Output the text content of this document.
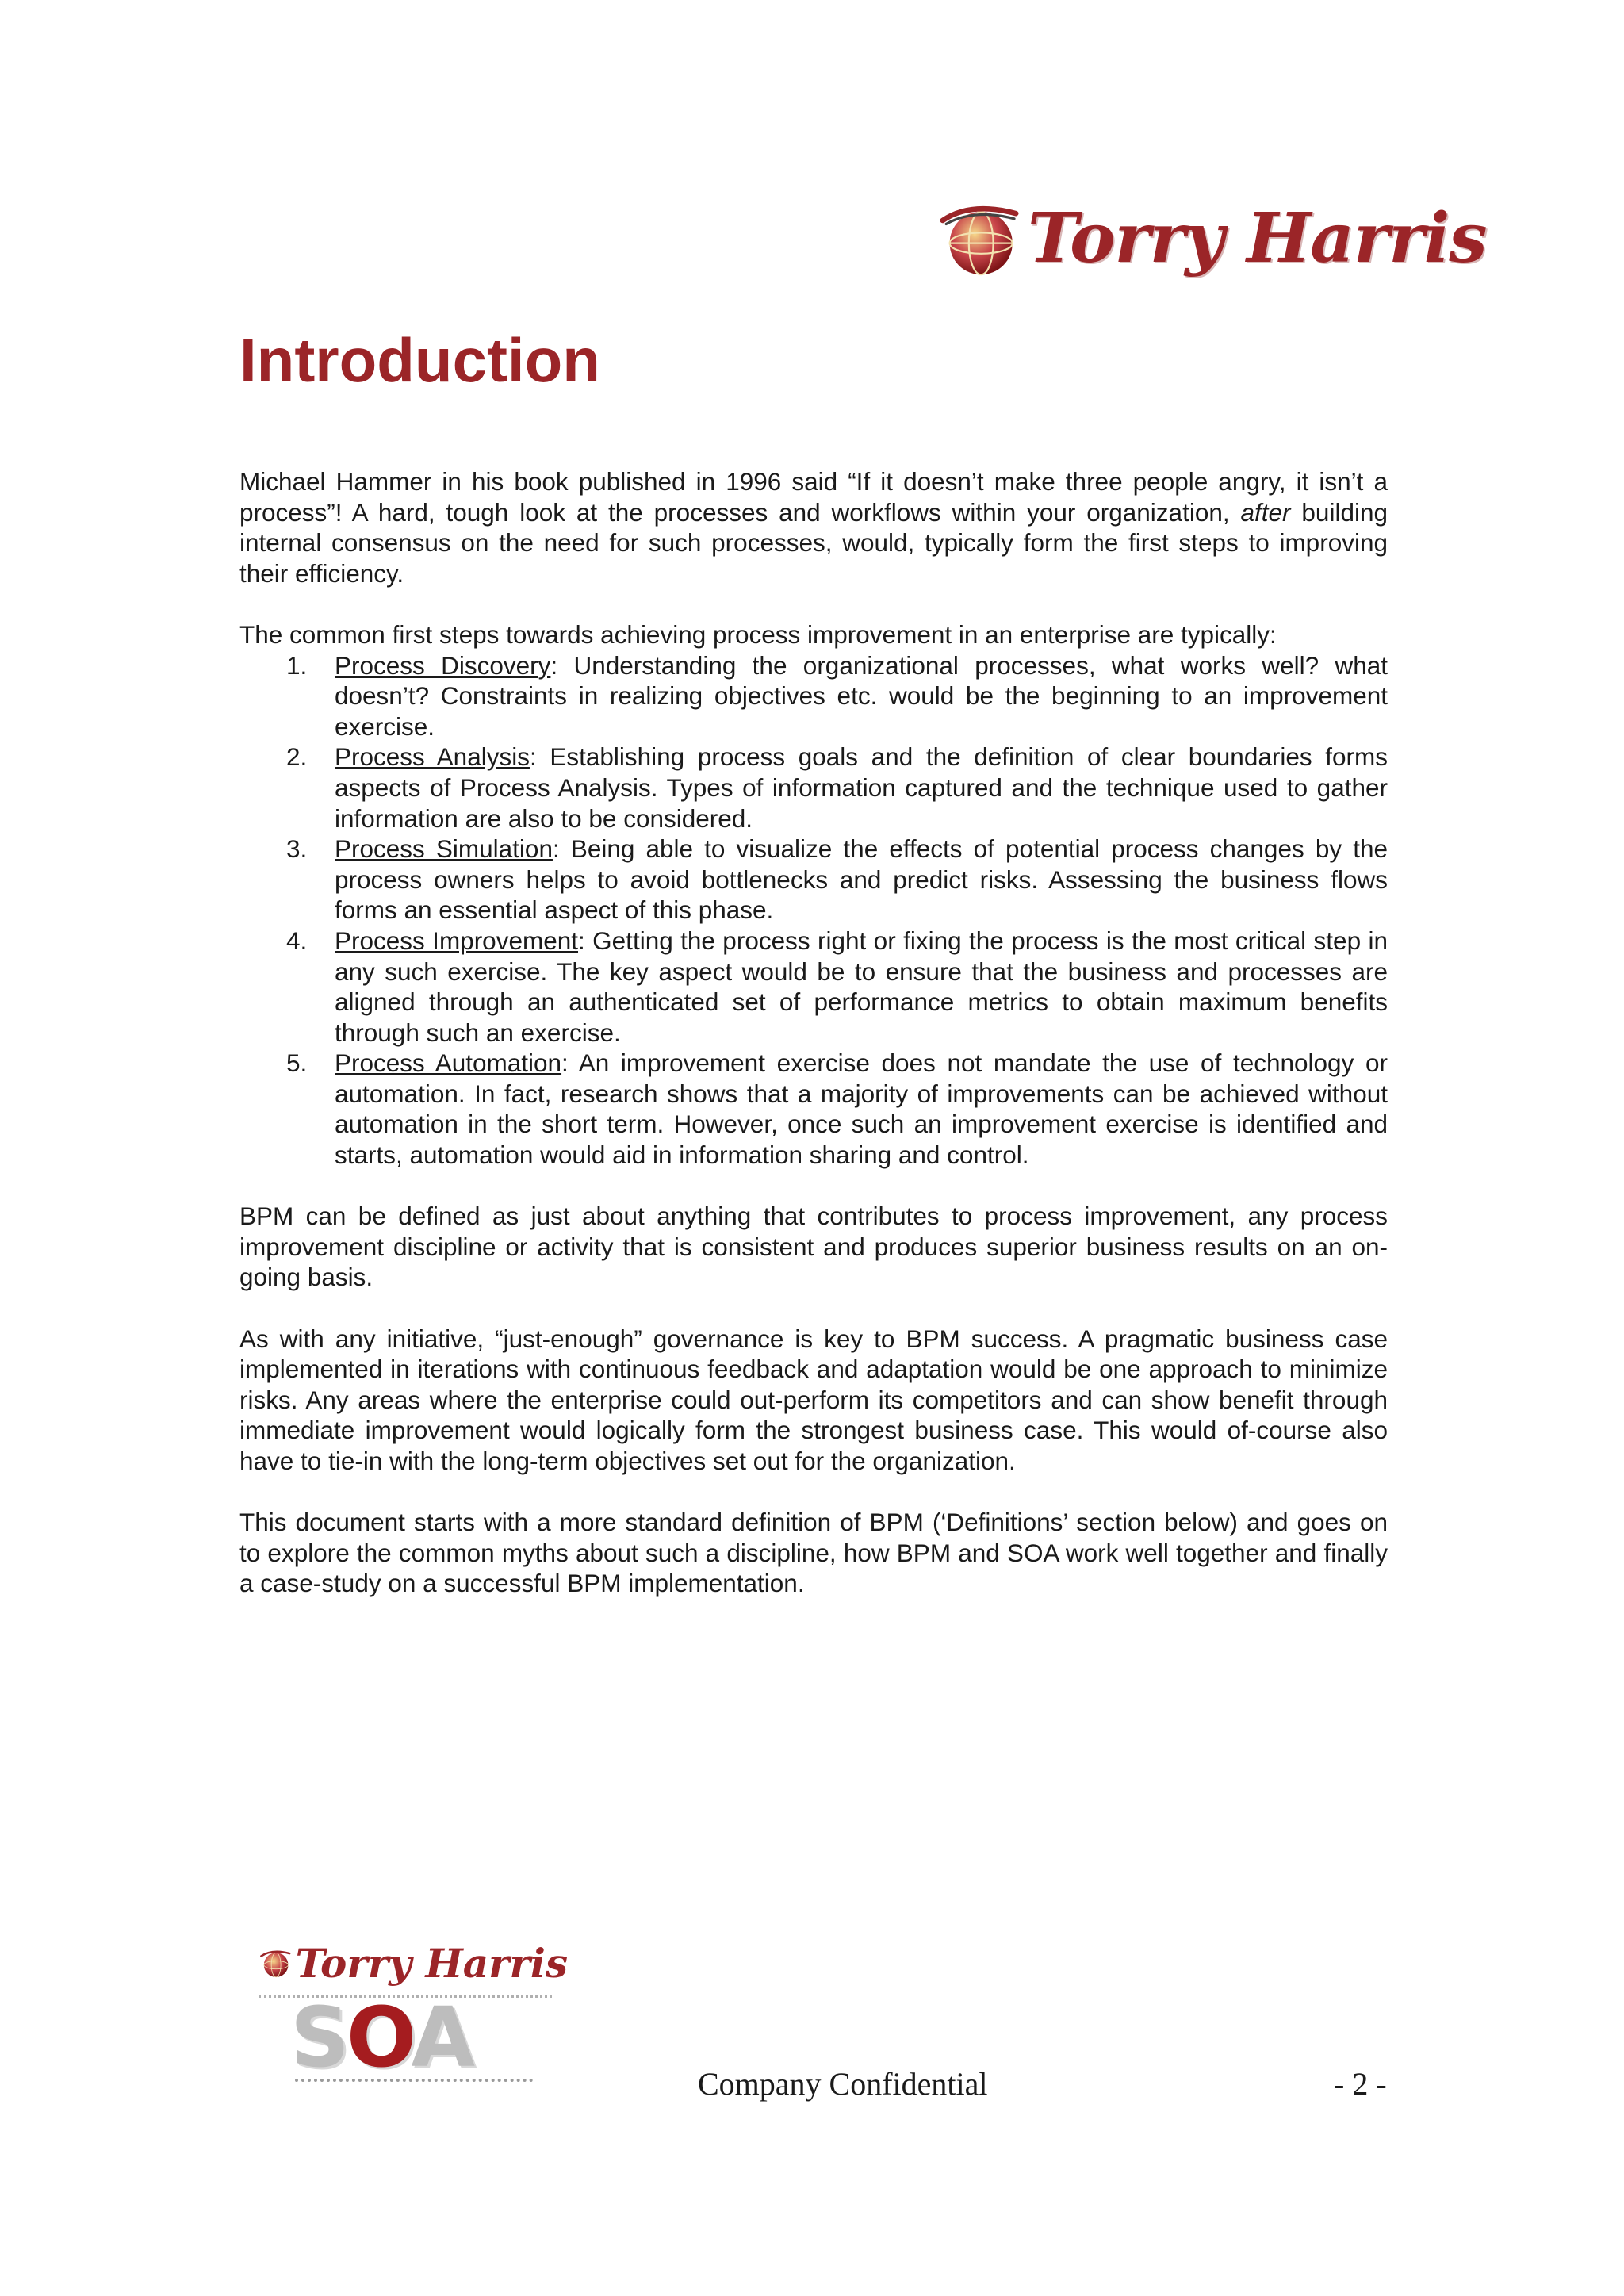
Torry Harris
Introduction

Michael Hammer in his book published in 1996 said “If it doesn’t make three people angry, it isn’t a process”! A hard, tough look at the processes and workflows within your organization, after building internal consensus on the need for such processes, would, typically form the first steps to improving their efficiency.

The common first steps towards achieving process improvement in an enterprise are typically:

1. Process Discovery: Understanding the organizational processes, what works well? what doesn’t? Constraints in realizing objectives etc. would be the beginning to an improvement exercise.
2. Process Analysis: Establishing process goals and the definition of clear boundaries forms aspects of Process Analysis. Types of information captured and the technique used to gather information are also to be considered.
3. Process Simulation: Being able to visualize the effects of potential process changes by the process owners helps to avoid bottlenecks and predict risks. Assessing the business flows forms an essential aspect of this phase.
4. Process Improvement: Getting the process right or fixing the process is the most critical step in any such exercise. The key aspect would be to ensure that the business and processes are aligned through an authenticated set of performance metrics to obtain maximum benefits through such an exercise.
5. Process Automation: An improvement exercise does not mandate the use of technology or automation. In fact, research shows that a majority of improvements can be achieved without automation in the short term. However, once such an improvement exercise is identified and starts, automation would aid in information sharing and control.

BPM can be defined as just about anything that contributes to process improvement, any process improvement discipline or activity that is consistent and produces superior business results on an on-going basis.

As with any initiative, “just-enough” governance is key to BPM success. A pragmatic business case implemented in iterations with continuous feedback and adaptation would be one approach to minimize risks. Any areas where the enterprise could out-perform its competitors and can show benefit through immediate improvement would logically form the strongest business case. This would of-course also have to tie-in with the long-term objectives set out for the organization.

This document starts with a more standard definition of BPM (‘Definitions’ section below) and goes on to explore the common myths about such a discipline, how BPM and SOA work well together and finally a case-study on a successful BPM implementation.

Torry Harris
SOA	Company Confidential	- 2 -
